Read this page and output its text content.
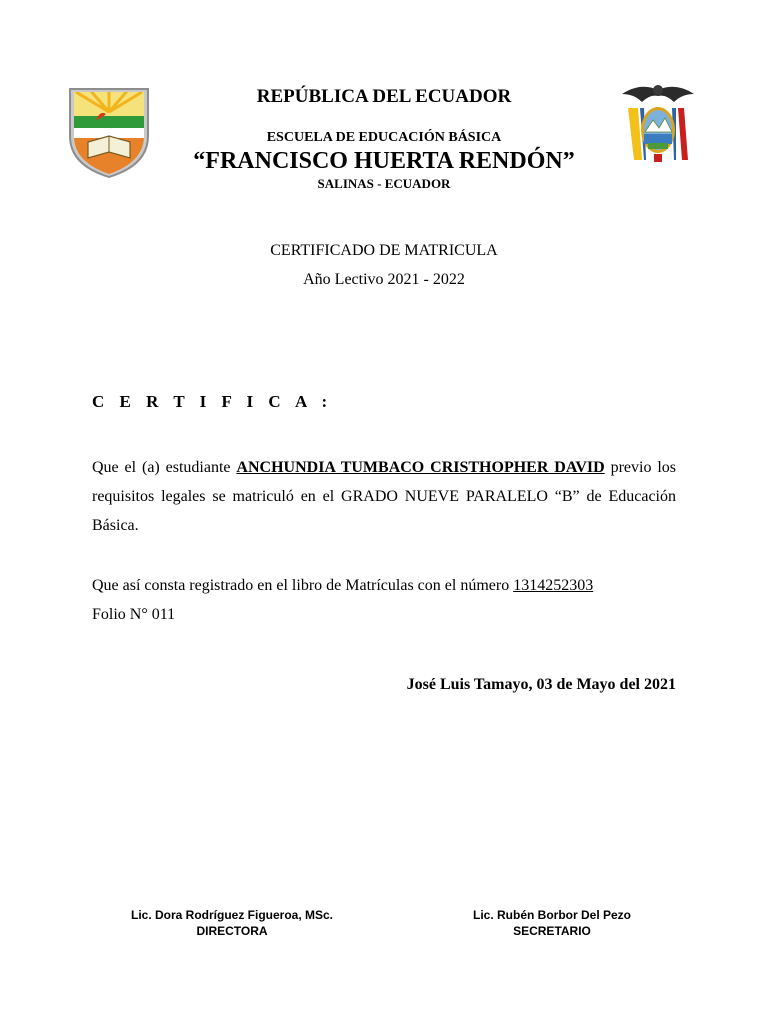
REPÚBLICA DEL ECUADOR
ESCUELA DE EDUCACIÓN BÁSICA
“FRANCISCO HUERTA RENDÓN”
SALINAS - ECUADOR
CERTIFICADO DE MATRICULA
Año Lectivo 2021 - 2022
C E R T I F I C A :
Que el (a) estudiante ANCHUNDIA TUMBACO CRISTHOPHER DAVID previo los requisitos legales se matriculó en el GRADO NUEVE PARALELO “B” de Educación Básica.
Que así consta registrado en el libro de Matrículas con el número 1314252303
Folio N° 011
José Luis Tamayo, 03 de Mayo del 2021
Lic. Dora Rodríguez Figueroa, MSc.
DIRECTORA
Lic. Rubén Borbor Del Pezo
SECRETARIO
